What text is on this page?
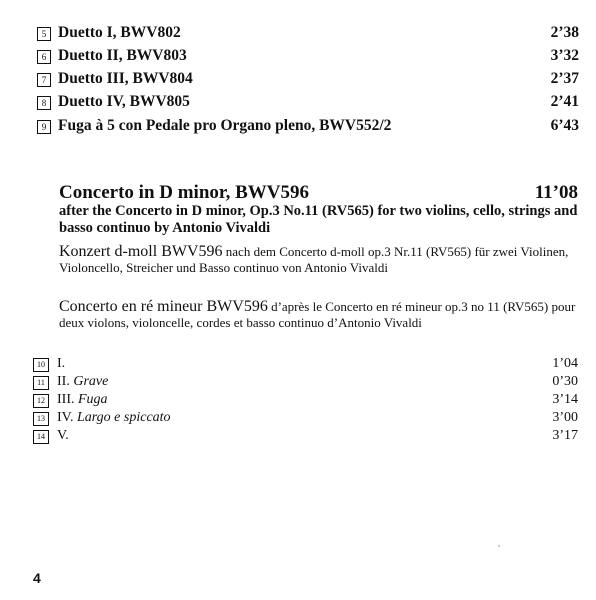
5 Duetto I, BWV802	2’38
6 Duetto II, BWV803	3’32
7 Duetto III, BWV804	2’37
8 Duetto IV, BWV805	2’41
9 Fuga à 5 con Pedale pro Organo pleno, BWV552/2	6’43
Concerto in D minor, BWV596	11’08
after the Concerto in D minor, Op.3 No.11 (RV565) for two violins, cello, strings and basso continuo by Antonio Vivaldi
Konzert d-moll BWV596 nach dem Concerto d-moll op.3 Nr.11 (RV565) für zwei Violinen, Violoncello, Streicher und Basso continuo von Antonio Vivaldi
Concerto en ré mineur BWV596 d’après le Concerto en ré mineur op.3 no 11 (RV565) pour deux violons, violoncelle, cordes et basso continuo d’Antonio Vivaldi
10 I.	1’04
11 II. Grave	0’30
12 III. Fuga	3’14
13 IV. Largo e spiccato	3’00
14 V.	3’17
4
